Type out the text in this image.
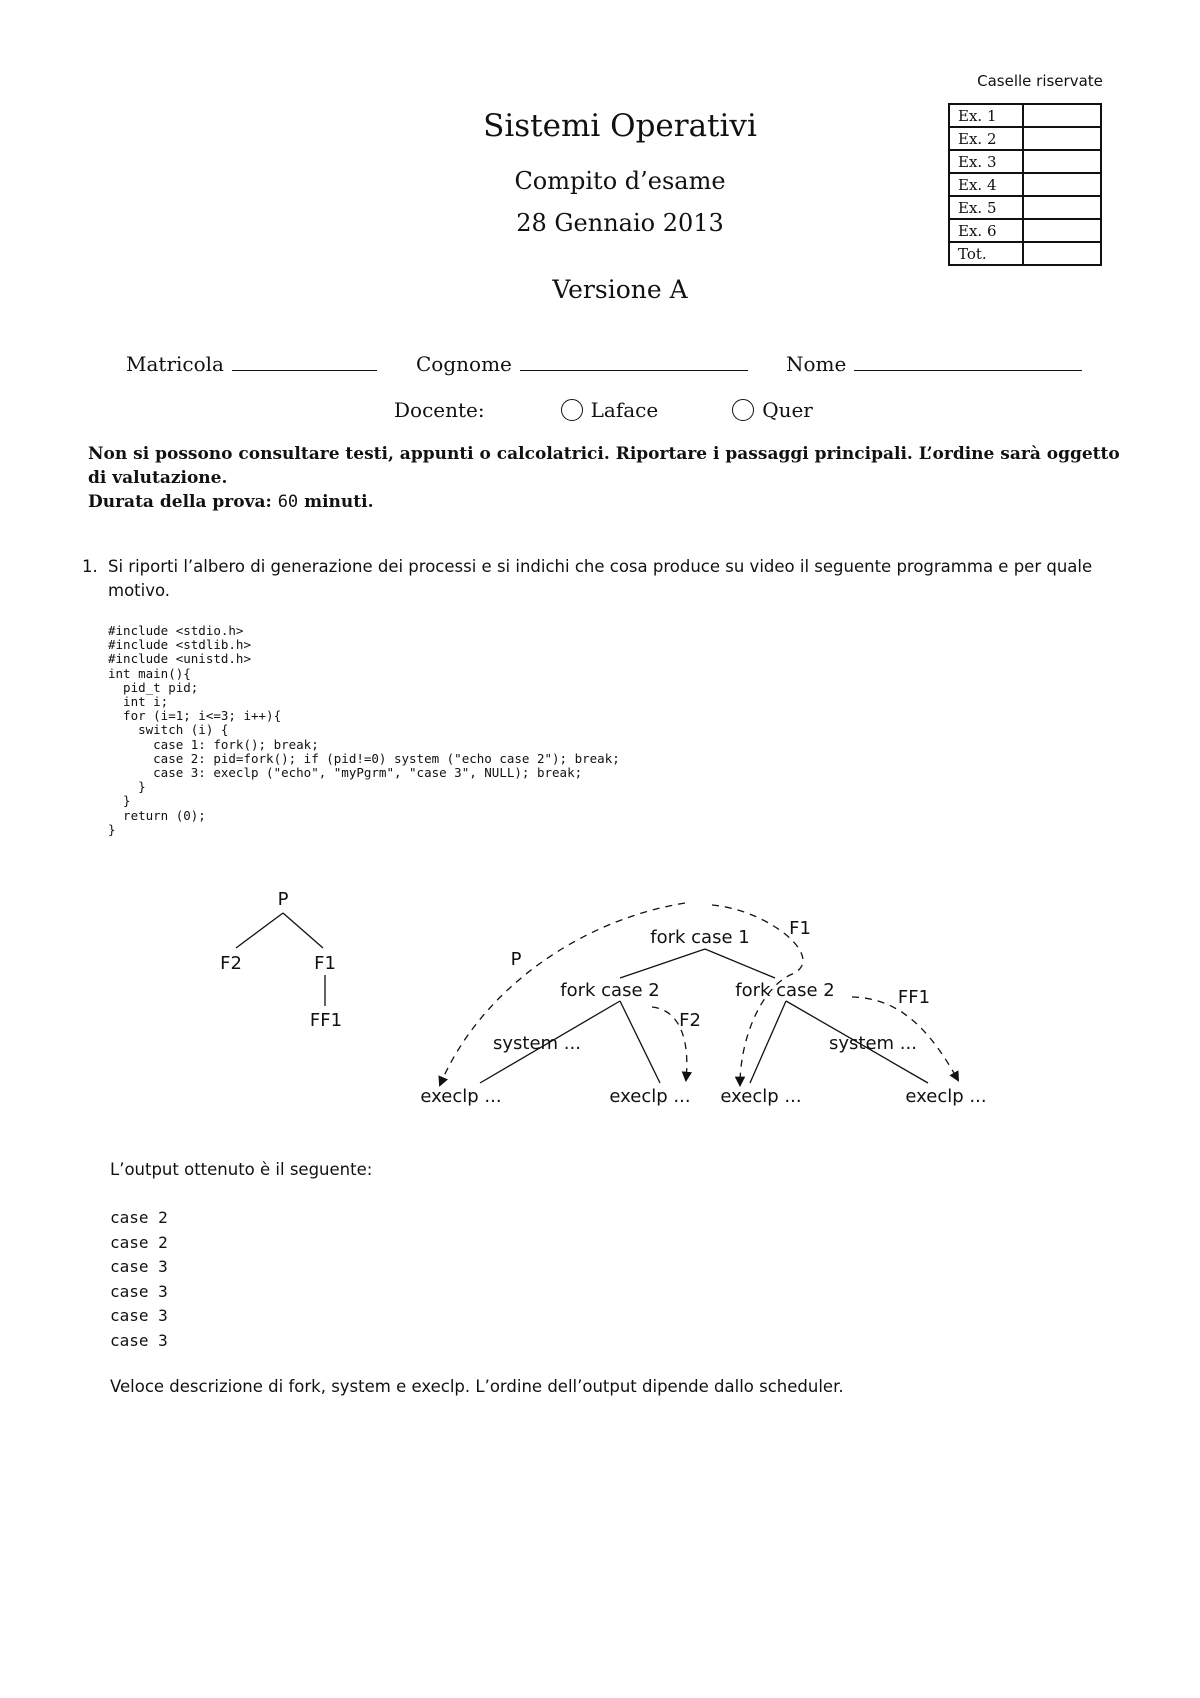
Sistemi Operativi
Compito d’esame
28 Gennaio 2013
Versione A
Caselle riservate
Ex. 1	
Ex. 2	
Ex. 3	
Ex. 4	
Ex. 5	
Ex. 6	
Tot.	
Matricola	Cognome	Nome
Docente:	Laface	Quer
Non si possono consultare testi, appunti o calcolatrici. Riportare i passaggi principali. L’ordine sarà oggetto di valutazione.
Durata della prova: 60 minuti.
1. Si riporti l’albero di generazione dei processi e si indichi che cosa produce su video il seguente programma e per quale motivo.
#include <stdio.h>
#include <stdlib.h>
#include <unistd.h>
int main(){
pid_t pid;
int i;
for (i=1; i<=3; i++){
switch (i) {
case 1: fork(); break;
case 2: pid=fork(); if (pid!=0) system ("echo case 2"); break;
case 3: execlp ("echo", "myPgrm", "case 3", NULL); break;
}
}
return (0);
}
P
F2	F1
FF1
fork case 1
fork case 2	fork case 2
system ...	system ...
execlp ...	execlp ... execlp ...	execlp ...
P
F1
F2
FF1
L’output ottenuto è il seguente:
case 2
case 2
case 3
case 3
case 3
case 3
Veloce descrizione di fork, system e execlp. L’ordine dell’output dipende dallo scheduler.
